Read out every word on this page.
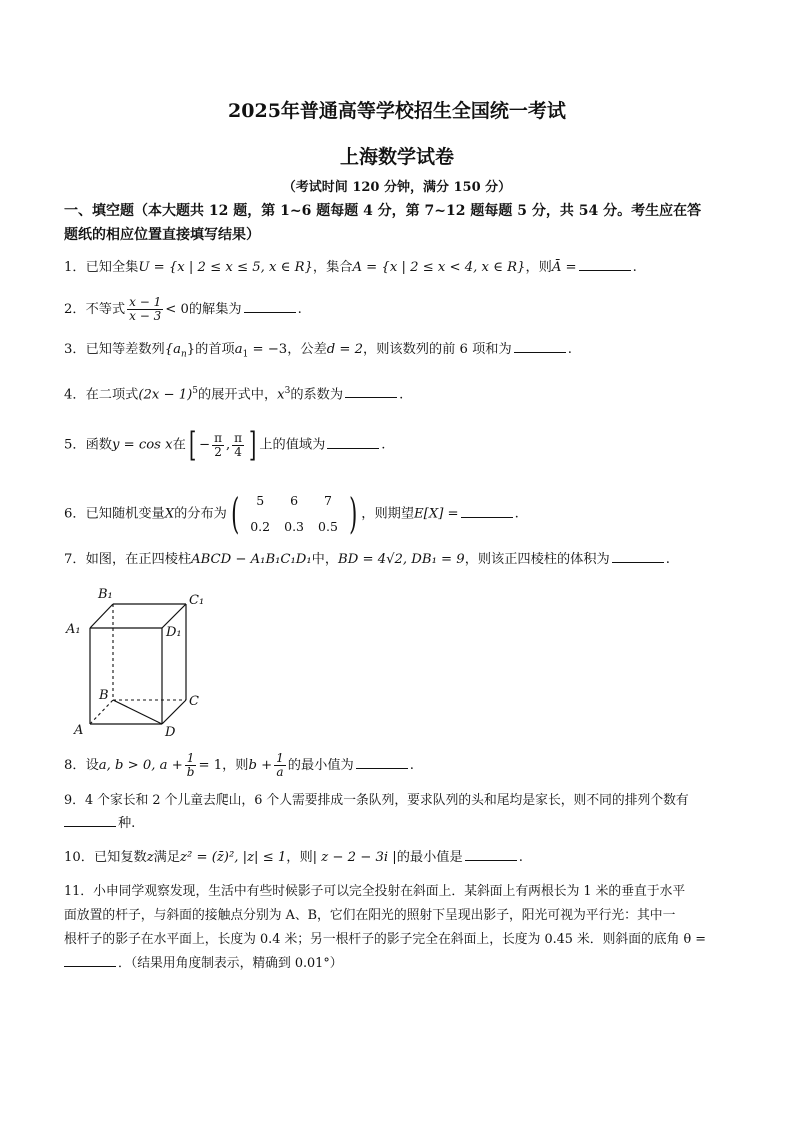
2025年普通高等学校招生全国统一考试
上海数学试卷
（考试时间 120 分钟，满分 150 分）
一、填空题（本大题共 12 题，第 1~6 题每题 4 分，第 7~12 题每题 5 分，共 54 分。考生应在答
题纸的相应位置直接填写结果）
1．已知全集U = {x | 2 ≤ x ≤ 5, x ∈ R}，集合A = {x | 2 ≤ x < 4, x ∈ R}，则Ā =	.
2．不等式 $\frac{x - 1}{x - 3} < 0$的解集为	.
3．已知等差数列$\{a_n\}$的首项$a_1 = -3$，公差d = 2，则该数列的前 6 项和为	.
4．在二项式$(2x - 1)^5$的展开式中，$x^3$的系数为	.
5．函数y = cos x在[ − $\frac{\pi}{2}$ , $\frac{\pi}{4}$ ] 上的值域为	.
6．已知随机变量X的分布为 ( 5	6	7
0.2	0.3	0.5 ) ，则期望E[X] =	.
7．如图，在正四棱柱ABCD − A₁B₁C₁D₁中，BD = 4√2, DB₁ = 9，则该正四棱柱的体积为	.
B₁	C₁
A₁	D₁
B	C
A	D
8．设a, b > 0, $a + \frac{1}{b} = 1$，则$b + \frac{1}{a}$ 的最小值为	.
9．4 个家长和 2 个儿童去爬山，6 个人需要排成一条队列，要求队列的头和尾均是家长，则不同的排列个数有
种.
10．已知复数z满足z² = (z̄)², |z| ≤ 1，则| z − 2 − 3i |的最小值是	.
11．小申同学观察发现，生活中有些时候影子可以完全投射在斜面上．某斜面上有两根长为 1 米的垂直于水平
面放置的杆子，与斜面的接触点分别为 A、B，它们在阳光的照射下呈现出影子，阳光可视为平行光：其中一
根杆子的影子在水平面上，长度为 0.4 米；另一根杆子的影子完全在斜面上，长度为 0.45 米．则斜面的底角 θ =
．（结果用角度制表示，精确到 0.01°）
